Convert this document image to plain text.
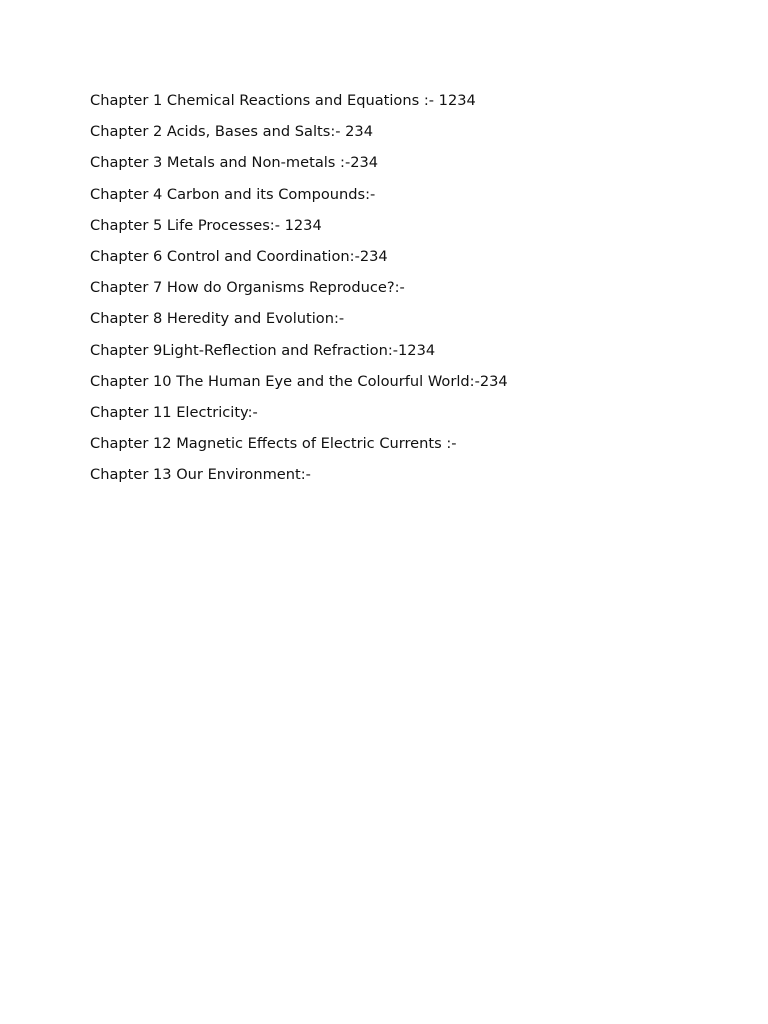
Chapter 1 Chemical Reactions and Equations :- 1234
Chapter 2 Acids, Bases and Salts:- 234
Chapter 3 Metals and Non-metals :-234
Chapter 4 Carbon and its Compounds:-
Chapter 5 Life Processes:- 1234
Chapter 6 Control and Coordination:-234
Chapter 7 How do Organisms Reproduce?:-
Chapter 8 Heredity and Evolution:-
Chapter 9Light-Reflection and Refraction:-1234
Chapter 10 The Human Eye and the Colourful World:-234
Chapter 11 Electricity:-
Chapter 12 Magnetic Effects of Electric Currents :-
Chapter 13 Our Environment:-
